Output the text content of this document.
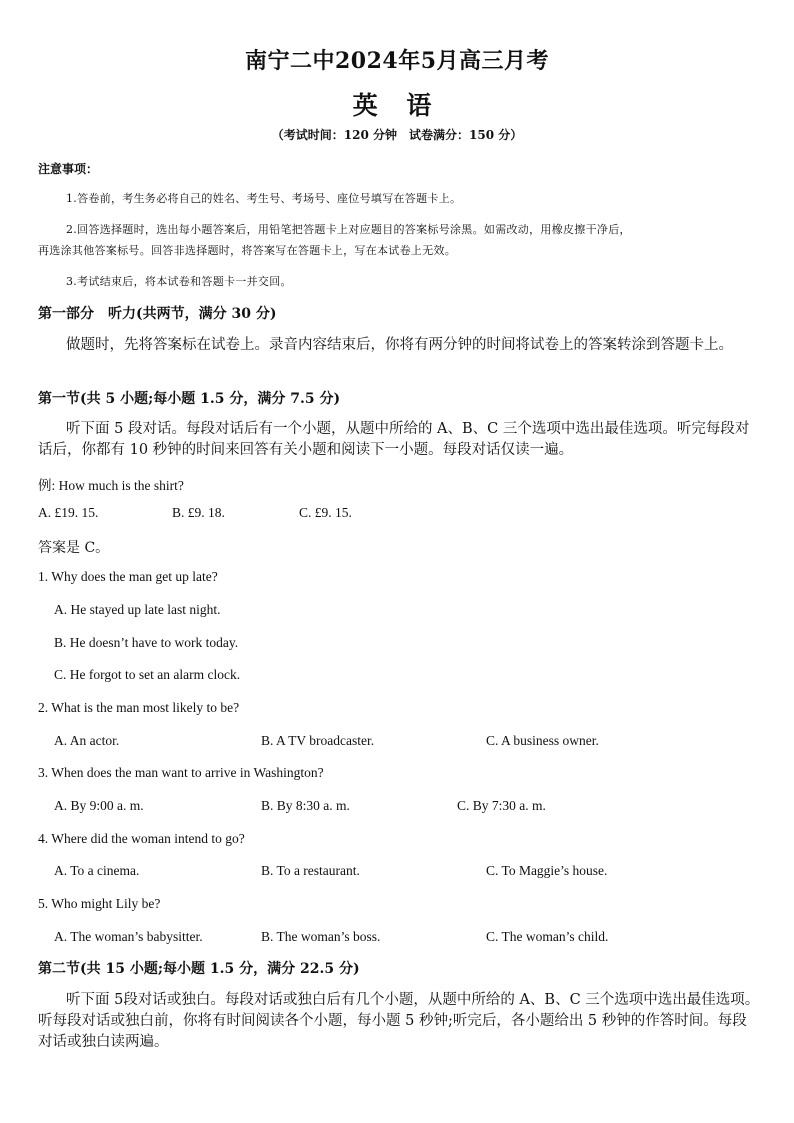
南宁二中2024年5月高三月考
英 语
（考试时间：120 分钟　试卷满分：150 分）
注意事项：
1.答卷前，考生务必将自己的姓名、考生号、考场号、座位号填写在答题卡上。
2.回答选择题时，选出每小题答案后，用铅笔把答题卡上对应题目的答案标号涂黑。如需改动，用橡皮擦干净后，
再选涂其他答案标号。回答非选择题时，将答案写在答题卡上，写在本试卷上无效。
3.考试结束后，将本试卷和答题卡一并交回。
第一部分　听力(共两节，满分 30 分)
做题时，先将答案标在试卷上。录音内容结束后，你将有两分钟的时间将试卷上的答案转涂到答题卡上。
第一节(共 5 小题;每小题 1.5 分，满分 7.5 分)
听下面 5 段对话。每段对话后有一个小题，从题中所给的 A、B、C 三个选项中选出最佳选项。听完每段对话后，你都有 10 秒钟的时间来回答有关小题和阅读下一小题。每段对话仅读一遍。
例: How much is the shirt?
A. £19. 15.	B. £9. 18.	C. £9. 15.
答案是 C。
1. Why does the man get up late?
A. He stayed up late last night.
B. He doesn’t have to work today.
C. He forgot to set an alarm clock.
2. What is the man most likely to be?
A. An actor.	B. A TV broadcaster.	C. A business owner.
3. When does the man want to arrive in Washington?
A. By 9:00 a. m.	B. By 8:30 a. m.	C. By 7:30 a. m.
4. Where did the woman intend to go?
A. To a cinema.	B. To a restaurant.	C. To Maggie’s house.
5. Who might Lily be?
A. The woman’s babysitter.	B. The woman’s boss.	C. The woman’s child.
第二节(共 15 小题;每小题 1.5 分，满分 22.5 分)
听下面 5段对话或独白。每段对话或独白后有几个小题，从题中所给的 A、B、C 三个选项中选出最佳选项。听每段对话或独白前，你将有时间阅读各个小题，每小题 5 秒钟;听完后，各小题给出 5 秒钟的作答时间。每段对话或独白读两遍。
